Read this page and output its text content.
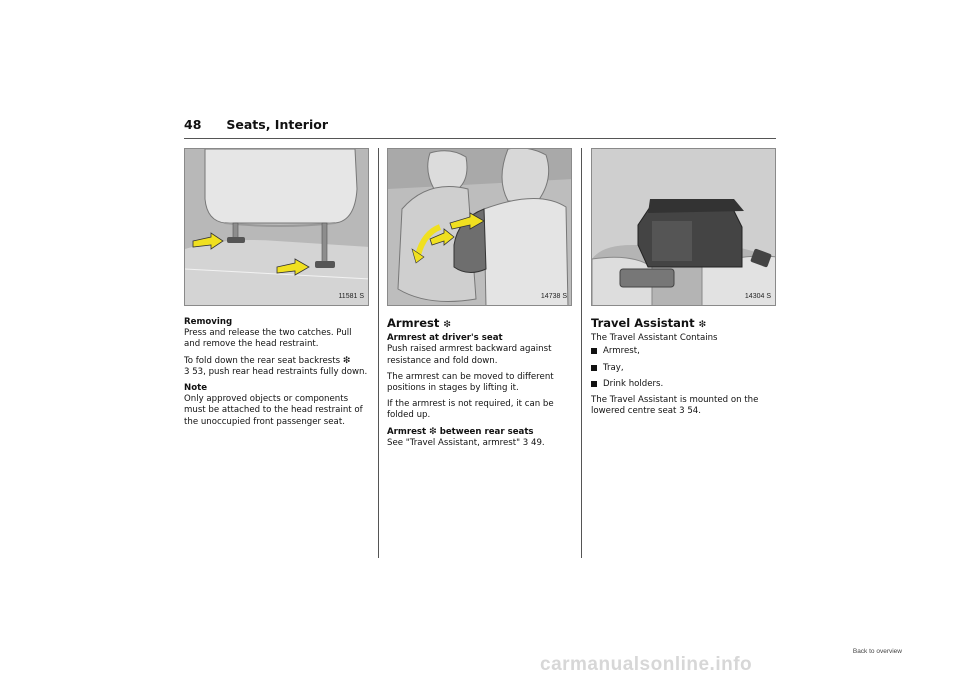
48 Seats, Interior
11581 S

Removing
Press and release the two catches. Pull and remove the head restraint.

To fold down the rear seat backrests ❇
3 53, push rear head restraints fully down.

Note
Only approved objects or components must be attached to the head restraint of the unoccupied front passenger seat.

14738 S
Armrest ❇

Armrest at driver's seat
Push raised armrest backward against resistance and fold down.

The armrest can be moved to different positions in stages by lifting it.

If the armrest is not required, it can be folded up.

Armrest ❇ between rear seats
See "Travel Assistant, armrest" 3 49.

14304 S
Travel Assistant ❇

The Travel Assistant Contains

Armrest,
Tray,
Drink holders.

The Travel Assistant is mounted on the lowered centre seat 3 54.

Back to overview
carmanualsonline.info
